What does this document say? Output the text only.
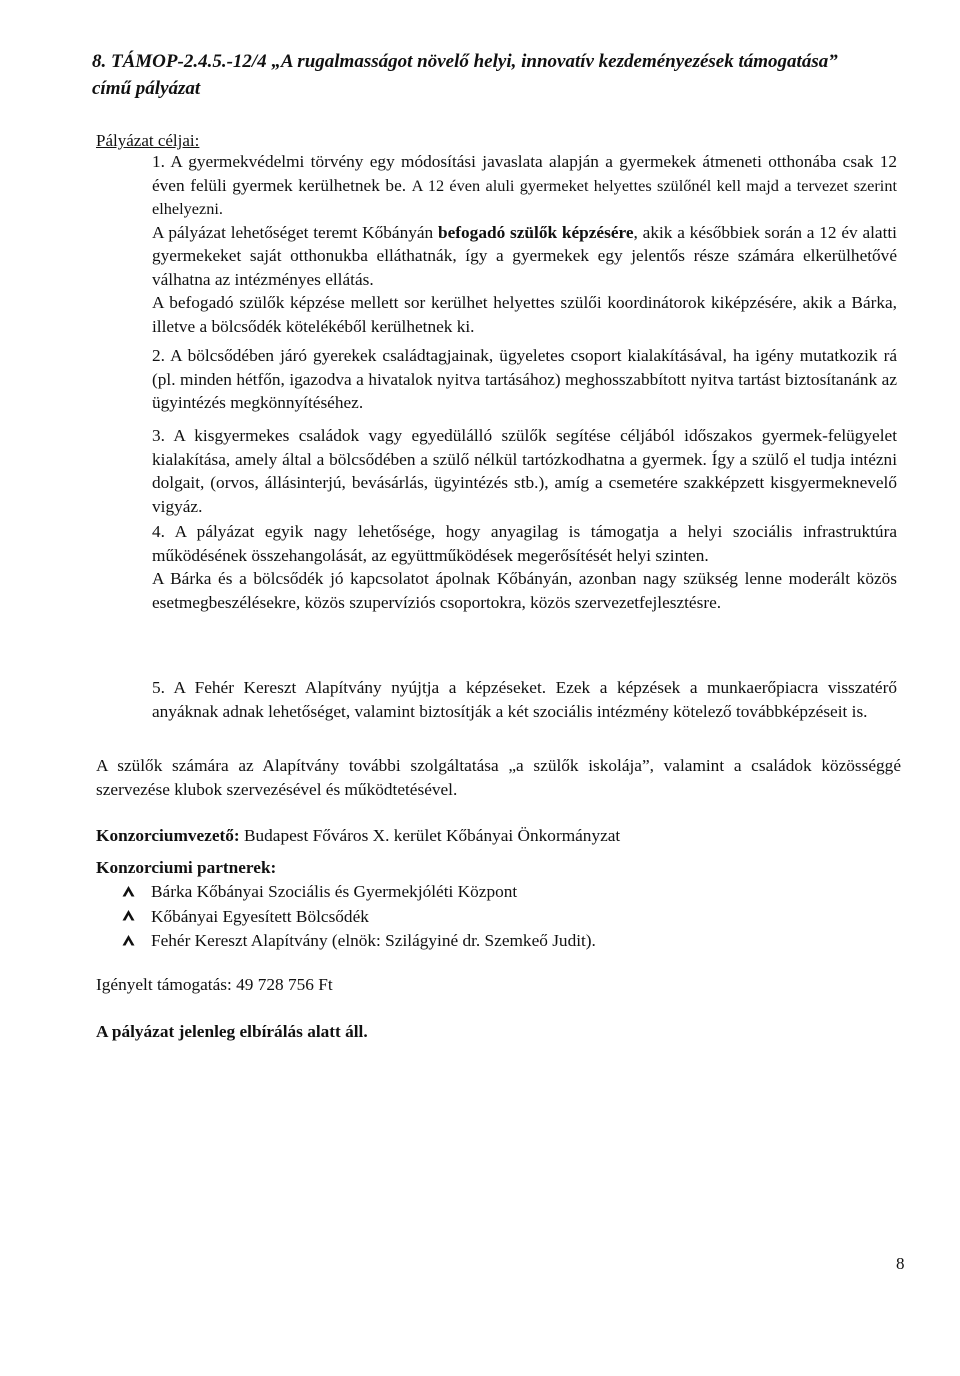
8. TÁMOP-2.4.5.-12/4 „A rugalmasságot növelő helyi, innovatív kezdeményezések támogatása”
című pályázat
Pályázat céljai:

1. A gyermekvédelmi törvény egy módosítási javaslata alapján a gyermekek átmeneti otthonába csak 12 éven felüli gyermek kerülhetnek be. A 12 éven aluli gyermeket helyettes szülőnél kell majd a tervezet szerint elhelyezni.

A pályázat lehetőséget teremt Kőbányán befogadó szülők képzésére, akik a későbbiek során a 12 év alatti gyermekeket saját otthonukba elláthatnák, így a gyermekek egy jelentős része számára elkerülhetővé válhatna az intézményes ellátás.

A befogadó szülők képzése mellett sor kerülhet helyettes szülői koordinátorok kiképzésére, akik a Bárka, illetve a bölcsődék kötelékéből kerülhetnek ki.

2. A bölcsődében járó gyerekek családtagjainak, ügyeletes csoport kialakításával, ha igény mutatkozik rá (pl. minden hétfőn, igazodva a hivatalok nyitva tartásához) meghosszabbított nyitva tartást biztosítanánk az ügyintézés megkönnyítéséhez.

3. A kisgyermekes családok vagy egyedülálló szülők segítése céljából időszakos gyermek-felügyelet kialakítása, amely által a bölcsődében a szülő nélkül tartózkodhatna a gyermek. Így a szülő el tudja intézni dolgait, (orvos, állásinterjú, bevásárlás, ügyintézés stb.), amíg a csemetére szakképzett kisgyermeknevelő vigyáz.

4. A pályázat egyik nagy lehetősége, hogy anyagilag is támogatja a helyi szociális infrastruktúra működésének összehangolását, az együttműködések megerősítését helyi szinten.

A Bárka és a bölcsődék jó kapcsolatot ápolnak Kőbányán, azonban nagy szükség lenne moderált közös esetmegbeszélésekre, közös szupervíziós csoportokra, közös szervezetfejlesztésre.

5. A Fehér Kereszt Alapítvány nyújtja a képzéseket. Ezek a képzések a munkaerőpiacra visszatérő anyáknak adnak lehetőséget, valamint biztosítják a két szociális intézmény kötelező továbbképzéseit is.

A szülők számára az Alapítvány további szolgáltatása „a szülők iskolája”, valamint a családok közösséggé szervezése klubok szervezésével és működtetésével.

Konzorciumvezető: Budapest Főváros X. kerület Kőbányai Önkormányzat
Konzorciumi partnerek:
Bárka Kőbányai Szociális és Gyermekjóléti Központ
Kőbányai Egyesített Bölcsődék
Fehér Kereszt Alapítvány (elnök: Szilágyiné dr. Szemkeő Judit).
Igényelt támogatás: 49 728 756 Ft
A pályázat jelenleg elbírálás alatt áll.
8
